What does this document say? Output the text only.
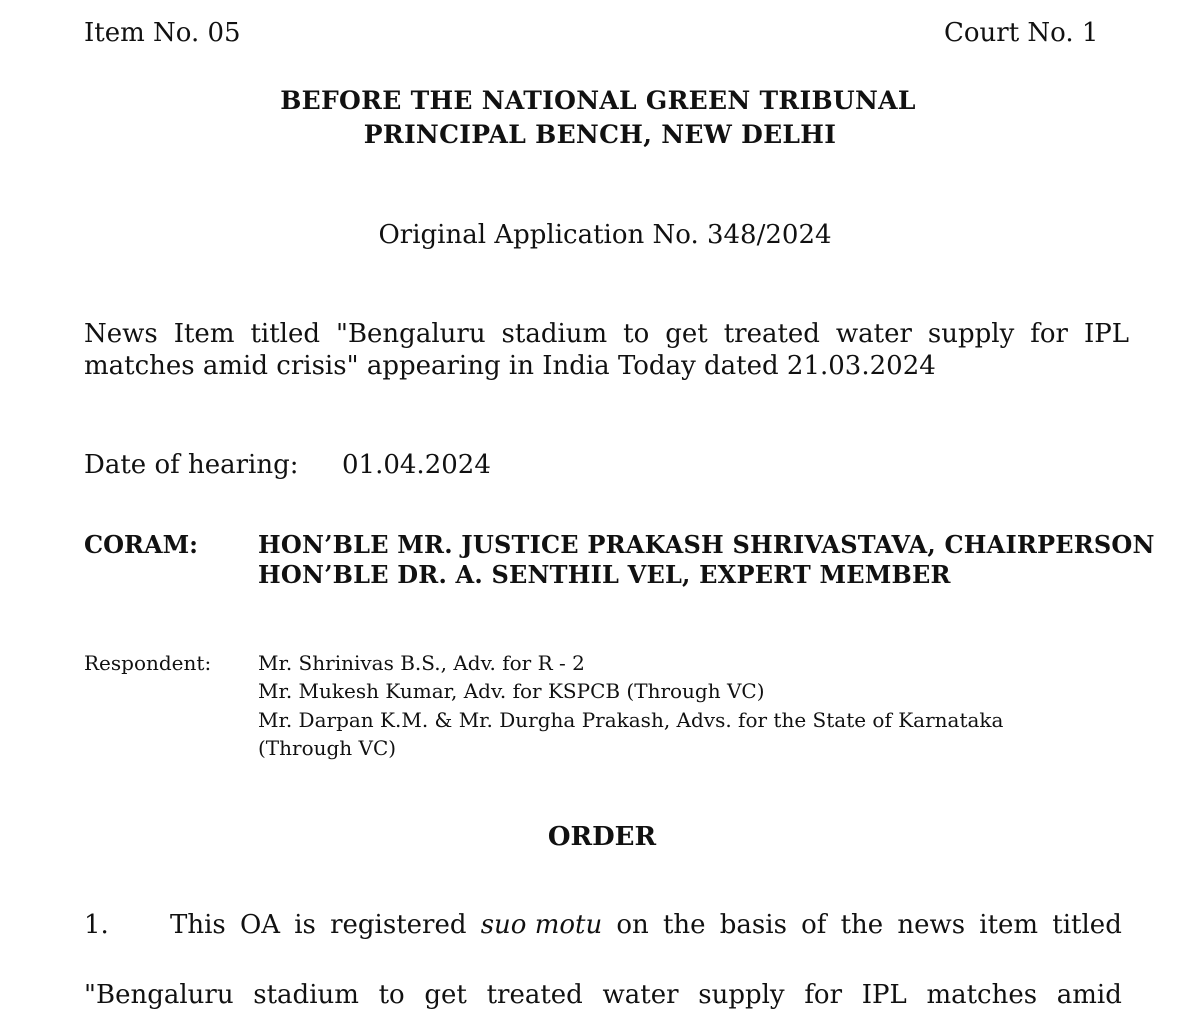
Item No. 05	Court No. 1
BEFORE THE NATIONAL GREEN TRIBUNAL
PRINCIPAL BENCH, NEW DELHI
Original Application No. 348/2024
News Item titled "Bengaluru stadium to get treated water supply for IPL
matches amid crisis" appearing in India Today dated 21.03.2024
Date of hearing: 01.04.2024
CORAM:	HON’BLE MR. JUSTICE PRAKASH SHRIVASTAVA, CHAIRPERSON
HON’BLE DR. A. SENTHIL VEL, EXPERT MEMBER
Respondent: Mr. Shrinivas B.S., Adv. for R - 2
Mr. Mukesh Kumar, Adv. for KSPCB (Through VC)
Mr. Darpan K.M. & Mr. Durgha Prakash, Advs. for the State of Karnataka
(Through VC)
ORDER
1.	This OA is registered suo motu on the basis of the news item titled
"Bengaluru stadium to get treated water supply for IPL matches amid
